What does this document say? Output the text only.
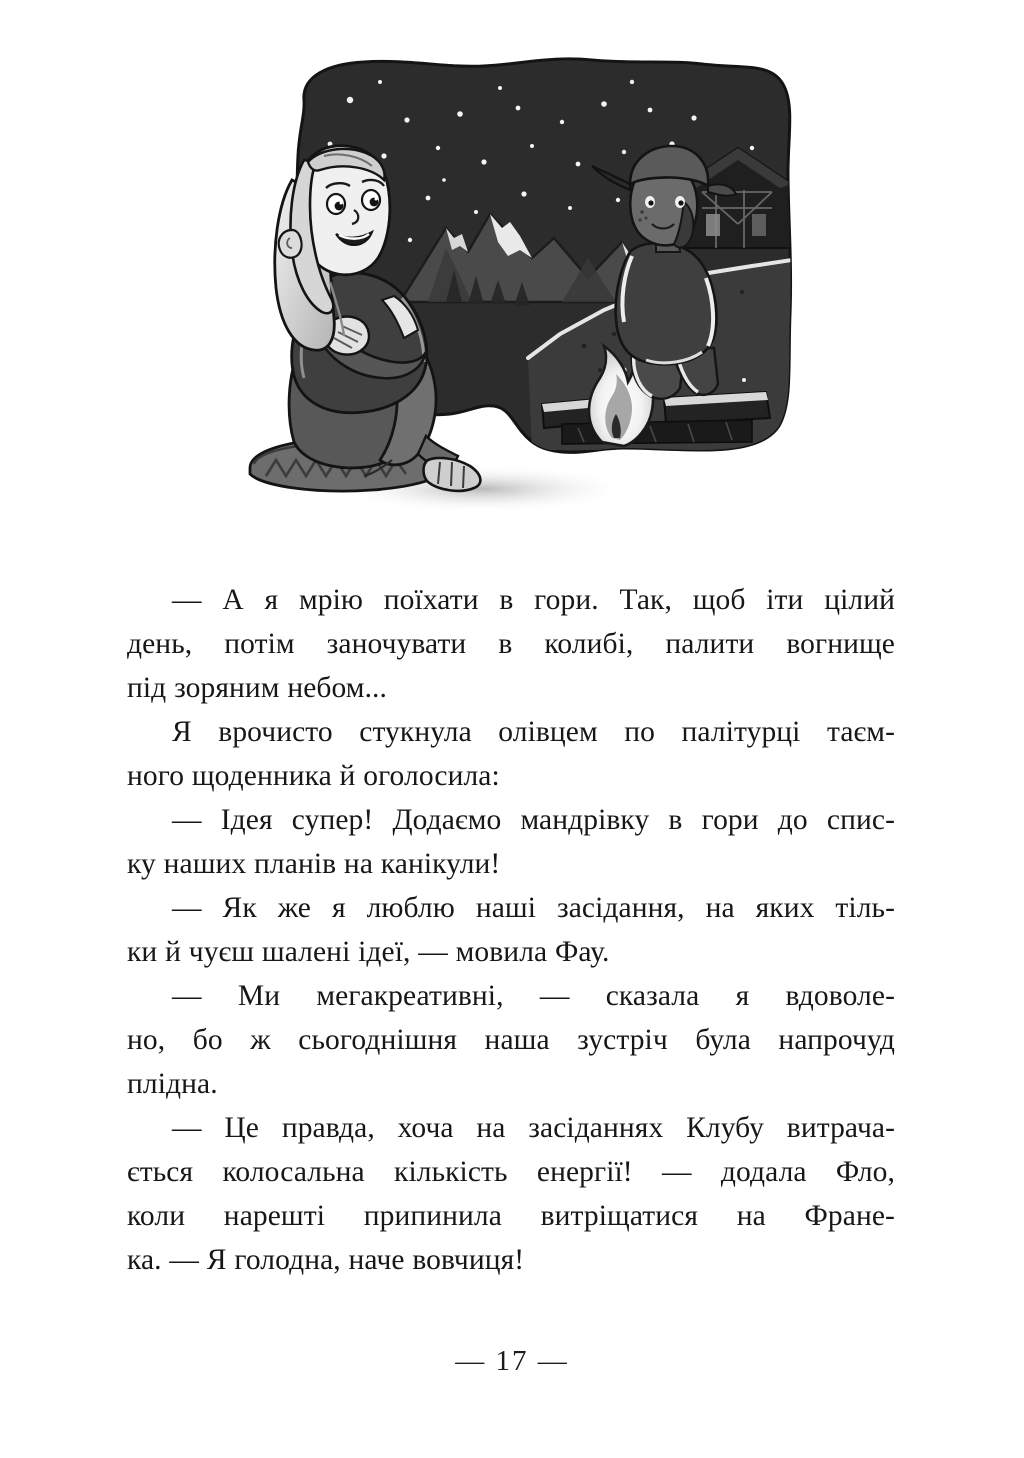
— А я мрію поїхати в гори. Так, щоб іти цілий
день, потім заночувати в колибі, палити вогнище
під зоряним небом...

Я врочисто стукнула олівцем по палітурці таєм-
ного щоденника й оголосила:

— Ідея супер! Додаємо мандрівку в гори до спис-
ку наших планів на канікули!

— Як же я люблю наші засідання, на яких тіль-
ки й чуєш шалені ідеї, — мовила Фау.

— Ми мегакреативні, — сказала я вдоволе-
но, бо ж сьогоднішня наша зустріч була напрочуд
плідна.

— Це правда, хоча на засіданнях Клубу витрача-
ється колосальна кількість енергії! — додала Фло,
коли нарешті припинила витріщатися на Фране-
ка. — Я голодна, наче вовчиця!

— 17 —
